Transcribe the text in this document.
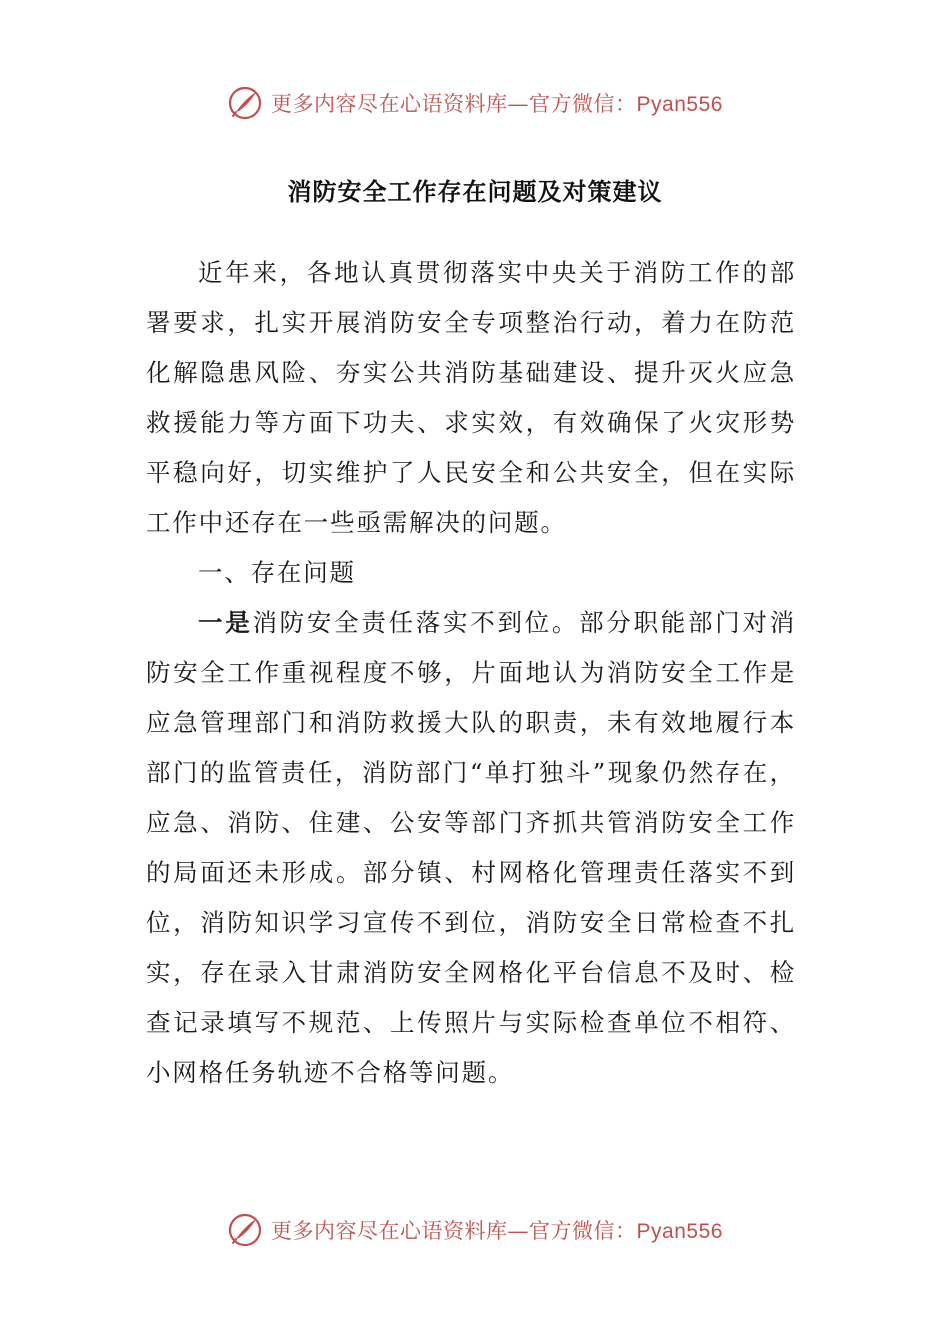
更多内容尽在心语资料库—官方微信：Pyan556
消防安全工作存在问题及对策建议

近年来，各地认真贯彻落实中央关于消防工作的部署要求，扎实开展消防安全专项整治行动，着力在防范化解隐患风险、夯实公共消防基础建设、提升灭火应急救援能力等方面下功夫、求实效，有效确保了火灾形势平稳向好，切实维护了人民安全和公共安全，但在实际工作中还存在一些亟需解决的问题。

一、存在问题

一是消防安全责任落实不到位。部分职能部门对消防安全工作重视程度不够，片面地认为消防安全工作是应急管理部门和消防救援大队的职责，未有效地履行本部门的监管责任，消防部门“单打独斗”现象仍然存在，应急、消防、住建、公安等部门齐抓共管消防安全工作的局面还未形成。部分镇、村网格化管理责任落实不到位，消防知识学习宣传不到位，消防安全日常检查不扎实，存在录入甘肃消防安全网格化平台信息不及时、检查记录填写不规范、上传照片与实际检查单位不相符、小网格任务轨迹不合格等问题。

更多内容尽在心语资料库—官方微信：Pyan556
